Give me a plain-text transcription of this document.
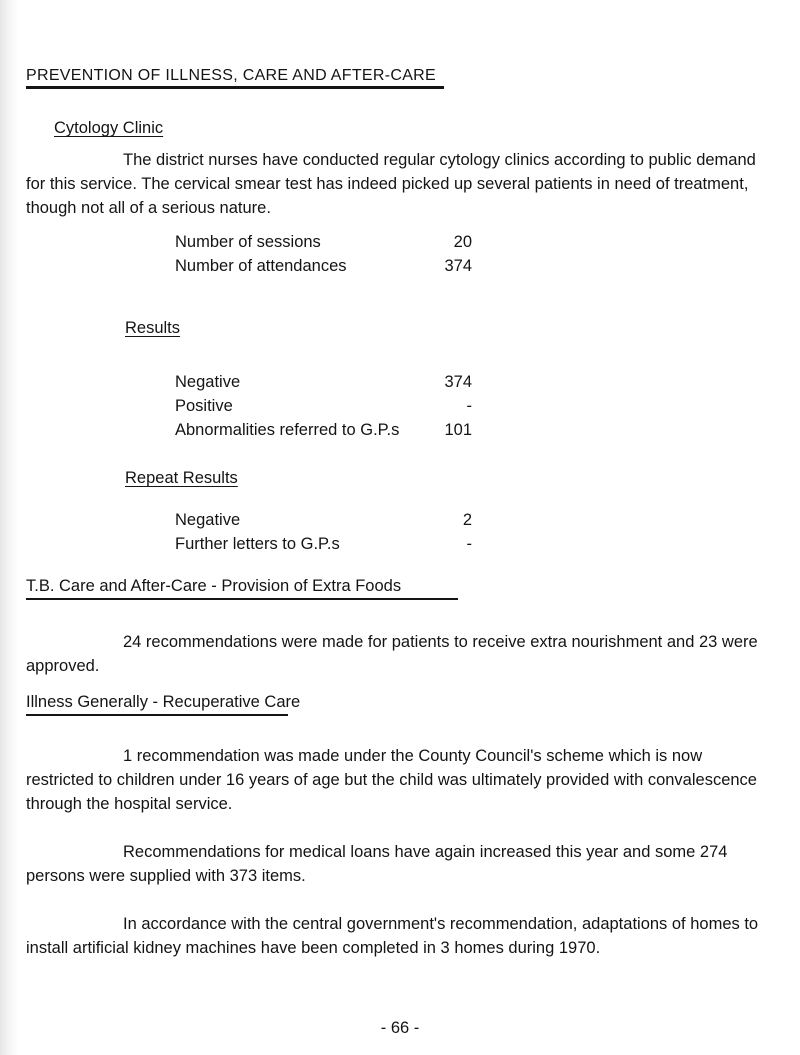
PREVENTION OF ILLNESS, CARE AND AFTER-CARE
Cytology Clinic
The district nurses have conducted regular cytology clinics according to public demand for this service. The cervical smear test has indeed picked up several patients in need of treatment, though not all of a serious nature.
Number of sessions	20
Number of attendances	374
Results
Negative	374
Positive	-
Abnormalities referred to G.P.s	101
Repeat Results
Negative	2
Further letters to G.P.s	-
T.B. Care and After-Care - Provision of Extra Foods
24 recommendations were made for patients to receive extra nourishment and 23 were approved.
Illness Generally - Recuperative Care
1 recommendation was made under the County Council's scheme which is now restricted to children under 16 years of age but the child was ultimately provided with convalescence through the hospital service.
Recommendations for medical loans have again increased this year and some 274 persons were supplied with 373 items.
In accordance with the central government's recommendation, adaptations of homes to install artificial kidney machines have been completed in 3 homes during 1970.
- 66 -
